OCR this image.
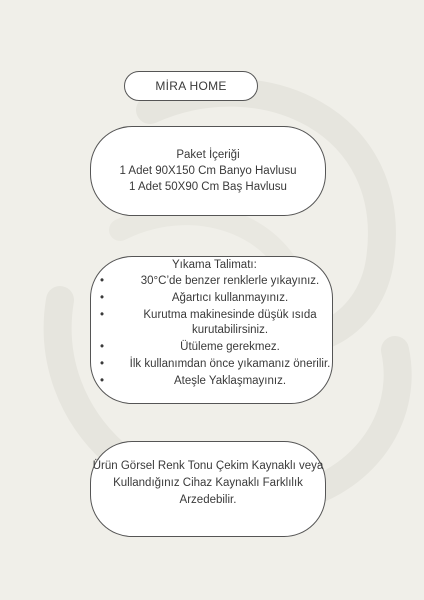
MİRA HOME
Paket İçeriği
1 Adet 90X150 Cm Banyo Havlusu
1 Adet 50X90 Cm Baş Havlusu
Yıkama Talimatı:
•	30°C’de benzer renklerle yıkayınız.
•	Ağartıcı kullanmayınız.
•	Kurutma makinesinde düşük ısıda kurutabilirsiniz.
•	Ütüleme gerekmez.
• İlk kullanımdan önce yıkamanız önerilir.
•	Ateşle Yaklaşmayınız.
Ürün Görsel Renk Tonu Çekim Kaynaklı veya
Kullandığınız Cihaz Kaynaklı Farklılık
Arzedebilir.
